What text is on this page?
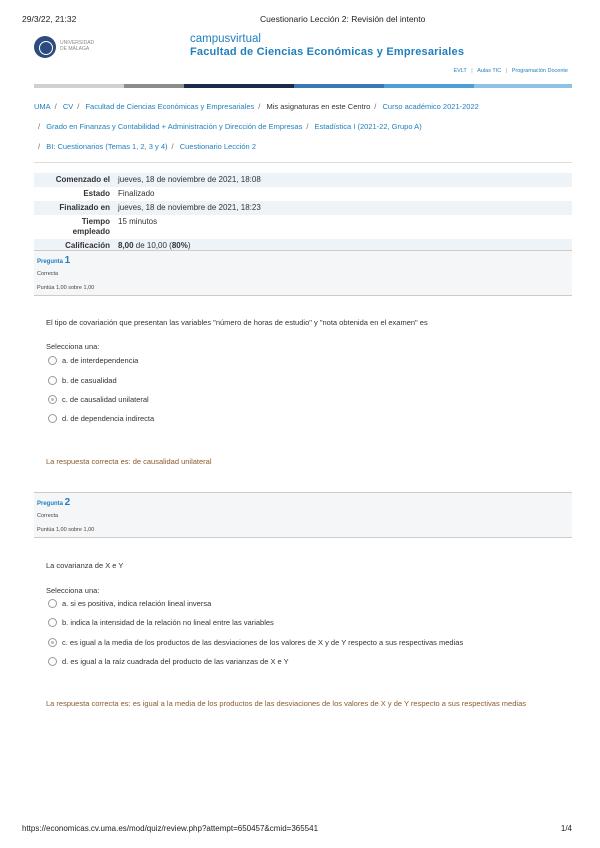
29/3/22, 21:32	Cuestionario Lección 2: Revisión del intento
UNIVERSIDAD DE MÁLAGA
campusvirtual
Facultad de Ciencias Económicas y Empresariales
EVLT | Aulas TIC | Programación Docente
UMA / CV / Facultad de Ciencias Económicas y Empresariales / Mis asignaturas en este Centro / Curso académico 2021-2022
/ Grado en Finanzas y Contabilidad + Administración y Dirección de Empresas / Estadística I (2021-22, Grupo A)
/ BI: Cuestionarios (Temas 1, 2, 3 y 4) / Cuestionario Lección 2
Comenzado el	jueves, 18 de noviembre de 2021, 18:08
Estado	Finalizado
Finalizado en	jueves, 18 de noviembre de 2021, 18:23
Tiempo
empleado	15 minutos
Calificación	8,00 de 10,00 (80%)
Pregunta 1
Correcta
Puntúa 1,00 sobre 1,00
El tipo de covariación que presentan las variables "número de horas de estudio" y "nota obtenida en el examen" es
Selecciona una:
a. de interdependencia
b. de casualidad
c. de causalidad unilateral
d. de dependencia indirecta
La respuesta correcta es: de causalidad unilateral
Pregunta 2
Correcta
Puntúa 1,00 sobre 1,00
La covarianza de X e Y
Selecciona una:
a. si es positiva, indica relación lineal inversa
b. indica la intensidad de la relación no lineal entre las variables
c. es igual a la media de los productos de las desviaciones de los valores de X y de Y respecto a sus respectivas medias
d. es igual a la raíz cuadrada del producto de las varianzas de X e Y
La respuesta correcta es: es igual a la media de los productos de las desviaciones de los valores de X y de Y respecto a sus respectivas medias
https://economicas.cv.uma.es/mod/quiz/review.php?attempt=650457&cmid=365541	1/4
